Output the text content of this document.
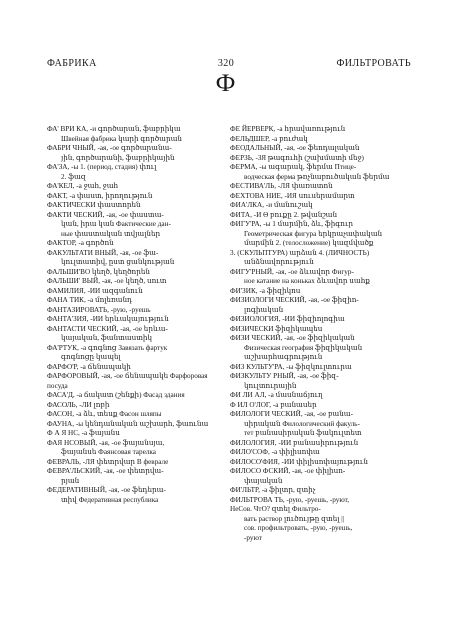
ФАБРИКА	320	ФИЛЬТРОВАТЬ
Ф

ФА' ВРИ КА, -и գործարան, ֆաբրիկա

Швейная фабрика կարի գործարան

ФАБРИ ЧНЫЙ, -ая, -ое գործարանա-

յին, գործարանի, ֆաբրիկային

ФА'ЗА, -ы 1. (период, стадия) փուլ

2. ֆազ

ФА'КЕЛ, -а ջահ, ջահ

ФАКТ, -а փաստ, իրողություն

ФАКТИЧЕСКИ փաստորեն

ФАКТИ ЧЕСКИЙ, -ая, -ое փաստա-

կան, իրա կան Фактические дан-

ные փաստական տվյալներ

ФАКТОР, -а գործոն

ФАКУЛЬТАТИ ВНЫЙ, -ая, -ое ֆա-

կուլտատիվ, ըստ ցանկության

ФАЛЬШИ'ВО կեղծ, կեղծորեն

ФАЛЬШИ' ВЫЙ, -ая, -ое կեղծ, սուտ

ФАМИЛИЯ, -ИИ ազգանուն

ФАНА ТИК, -а մոլեռանդ

ФАНТАЗИРОВАТЬ, -рую, -руешь

ФАНТА'ЗИЯ, -ИИ երևակայություն

ФАНТАСТИ ЧЕСКИЙ, -ая, -ое երևա-

կայական, ֆանտաստիկ

ФА'РТУК, -а գոգնոց Завязать фартук

գոգնոցը կապել

ФАРФО'Р, -а ճենապակի

ФАРФОРОВЫЙ, -ая, -ое ճենապակե Фарфоровая посуда

ФАСА'Д, -а ճակատ (շենքի) Фасад здания

ФАСОЛЬ, -ЛИ լոբի

ФАСОН, -а ձև, տեսք Фасон шляпы

ФАУНА, -ы կենդանական աշխարհ, ֆաունա

Ф А Я НС, -а ֆայանս

ФАЯ НСОВЫЙ, -ая, -ое ֆայանսյա,

ֆայանսե Фаянсовая тарелка

ФЕВРАЛЬ, -ЛЯ փետրվար В феврале

ФЕВРА'ЛЬСКИЙ, -ая, -ое փետրվա-

րյան

ФЕДЕРАТИВНЫЙ, -ая, -ое ֆեդերա-

տիվ Федеративная республика

ФЕ ЙЕРВЕРК, -а հրավառություն

ФЕЛЬДШЕР, -а բուժակ

ФЕОДАЛЬНЫЙ, -ая, -ое ֆեոդալական

ФЕРЗЬ, -ЗЯ թագուհի (շախմատի մեջ)

ФЕРМА, -ы ագարակ, ֆերմա Птице-

водческая ферма թռչնաբուծական ֆերմա

ФЕСТИВА'ЛЬ, -ЛЯ փառատոն

ФЕХТОВА НИЕ, -ИЯ սուսերամարտ

ФИА'ЛКА, -и մանուշակ

ФИТА, -И Ѳ բուքը 2. թվանշան

ФИГУ'РА, -ы 1 մարմին, ձև, ֆիգուր

Геометрическая фигура երկրաչափական

մարմին 2. (телосложение) կազմվածք

3. (СКУЛЬПТУРА) արձան 4. (ЛИЧНОСТЬ)

անձնավորություն

ФИГУ'РНЫЙ, -ая, -ое ձևավոր Фигур-

ное катание на коньках ձևավոր սահք

ФИ'ЗИК, -а ֆիզիկոս

ФИЗИОЛОГИ ЧЕСКИЙ, -ая, -ое ֆիզիո-

լոգիական

ФИЗИОЛОГИЯ, -ИИ ֆիզիոլոգիա

ФИЗИЧЕСКИ ֆիզիկապես

ФИЗИ ЧЕСКИЙ, -ая, -ое ֆիզիկական

Физическая география ֆիզիկական աշխարհագրություն

ФИЗ КУЛЬТУ'РА, -ы ֆիզկուլտուրա

ФИЗКУЛЬТУ РНЫЙ, -ая, -ое ֆիզ-

կուլտուրային

ФИ ЛИ АЛ, -а մասնաճյուղ

Ф ИЛ О'ЛОГ, -а բանասեր

ФИЛОЛОГИ ЧЕСКИЙ, -ая, -ое բանա-

սիրական Филологический факуль-

тет բանասիրական ֆակուլտետ

ФИЛОЛОГИЯ, -ИИ բանասիրություն

ФИЛО'СОФ, -а փիլիսոփա

ФИЛОСО'ФИЯ, -ИИ փիլիսոփայություն

ФИЛОСО ФСКИЙ, -ая, -ое փիլիսո-

փայական

ФИ'ЛЬТР, -а ֆիլտր, զտիչ

ФИЛЬТРОВА ТЬ, -рую, -руешь, -руют,

НеСов. ЧтО? զտել Фильтро-

вать раствор լուծույթը զտել ||

сов. профильтровать, -рую, -руешь,

-руют
